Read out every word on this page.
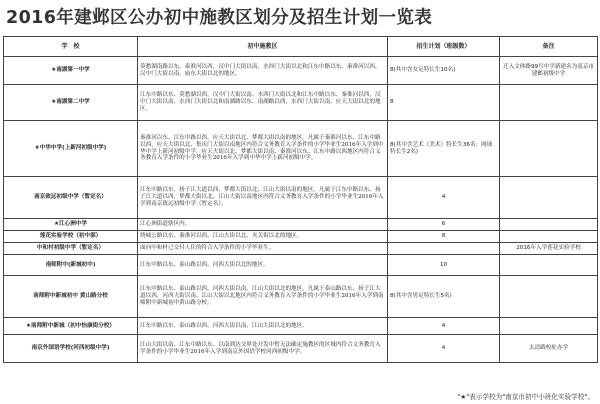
2016年建邺区公办初中施教区划分及招生计划一览表
学　校	初中施教区	招生计划（班级数）	备注
★南湖第一中学	莫愁湖南路以东、泰淮河以西，汉中门大街以南、水西门大街以北和江东中路以东、秦淮河以西，汉中门大街以南、庙东大街以北的地区。	8(其中含女足特长生10名)	迁入文体路99号中学新建名为南京市建邺初级中学
★南湖第二中学	江东中路以东、莫愁湖以西，汉中门大街以南、水西门大街以北和江东中路以东、秦淮河以西，汉中门大街以南、水西门大街以北和南湖路以东、南湖路以西，水西门大街以南、应天大街以北的地区。	8	
★中华中学(上新河初级中学)	秦淮河以东、江东中路以西，应天大街以北、梦都大街以南的地区。凡属于秦淮河以东、江东中路以西，应天大街以北、集庆门大街以南地区内符合义务教育入学条件的小学毕业生2016年入学到中华中学上新河初级中学。应天大街以北、梦都大街以南、秦淮河以东、江东中路以西地区内符合义务教育入学条件的小学毕业生2016年入学到中华中学上新河初级中学。	8(其中含艺术（美术）特长生36名；网球特长生2名)	
南京致远初级中学（暂定名）	江东中路以东、扬子江大道以西，梦都大街以北、江山大街以南的地区。凡属于江东中路以东、扬子江大道以西，梦都大街以北、江山大街以南地区内符合义务教育入学条件的小学毕业生2016年入学到南京致远初级中学（暂定名）。	4	
★江心洲中学	江心洲街道辖区内。	6	
莲花实验学校（初中部）	绕城公路以东、秦淮河以西，江山大街以北、夹关街以北的地区。	8	
中和村初级中学（暂定名）	面向中和村已交付人住的符合入学条件的小学毕业生。		2016年入学莲花实验学校
南师附中(新城初中)	江东中路以东、泰山路以西、河西大街以北的地区。	10	
南师附中新城初中 黄山路分校	江东中路以东、泰山路以西，河西大街以南、江山大街以北的地区。凡属于泰山路以东、扬子江大道以西，河西大街以南、江山大街以北地区内符合义务教育入学条件的小学毕业生2016年入学到南师附中新城初中黄山路分校。	8(其中含男足特长生5名)	
★南师附中新城（初中怡康街分校）	江东中路以东、泰山路以西，河西大街以南、江山大街以北的地区。	4	
南京外国语学校(河西初级中学)	江山大街以南、江东中路以东、以南到达交界处开发中暂无法确定施教区的区域内符合义务教育入学条件的小学毕业生2016年入学到南京外国语学校河西初级中学。	4	太清路校址办学
"★"表示学校为"南京市初中小班化实验学校"。
